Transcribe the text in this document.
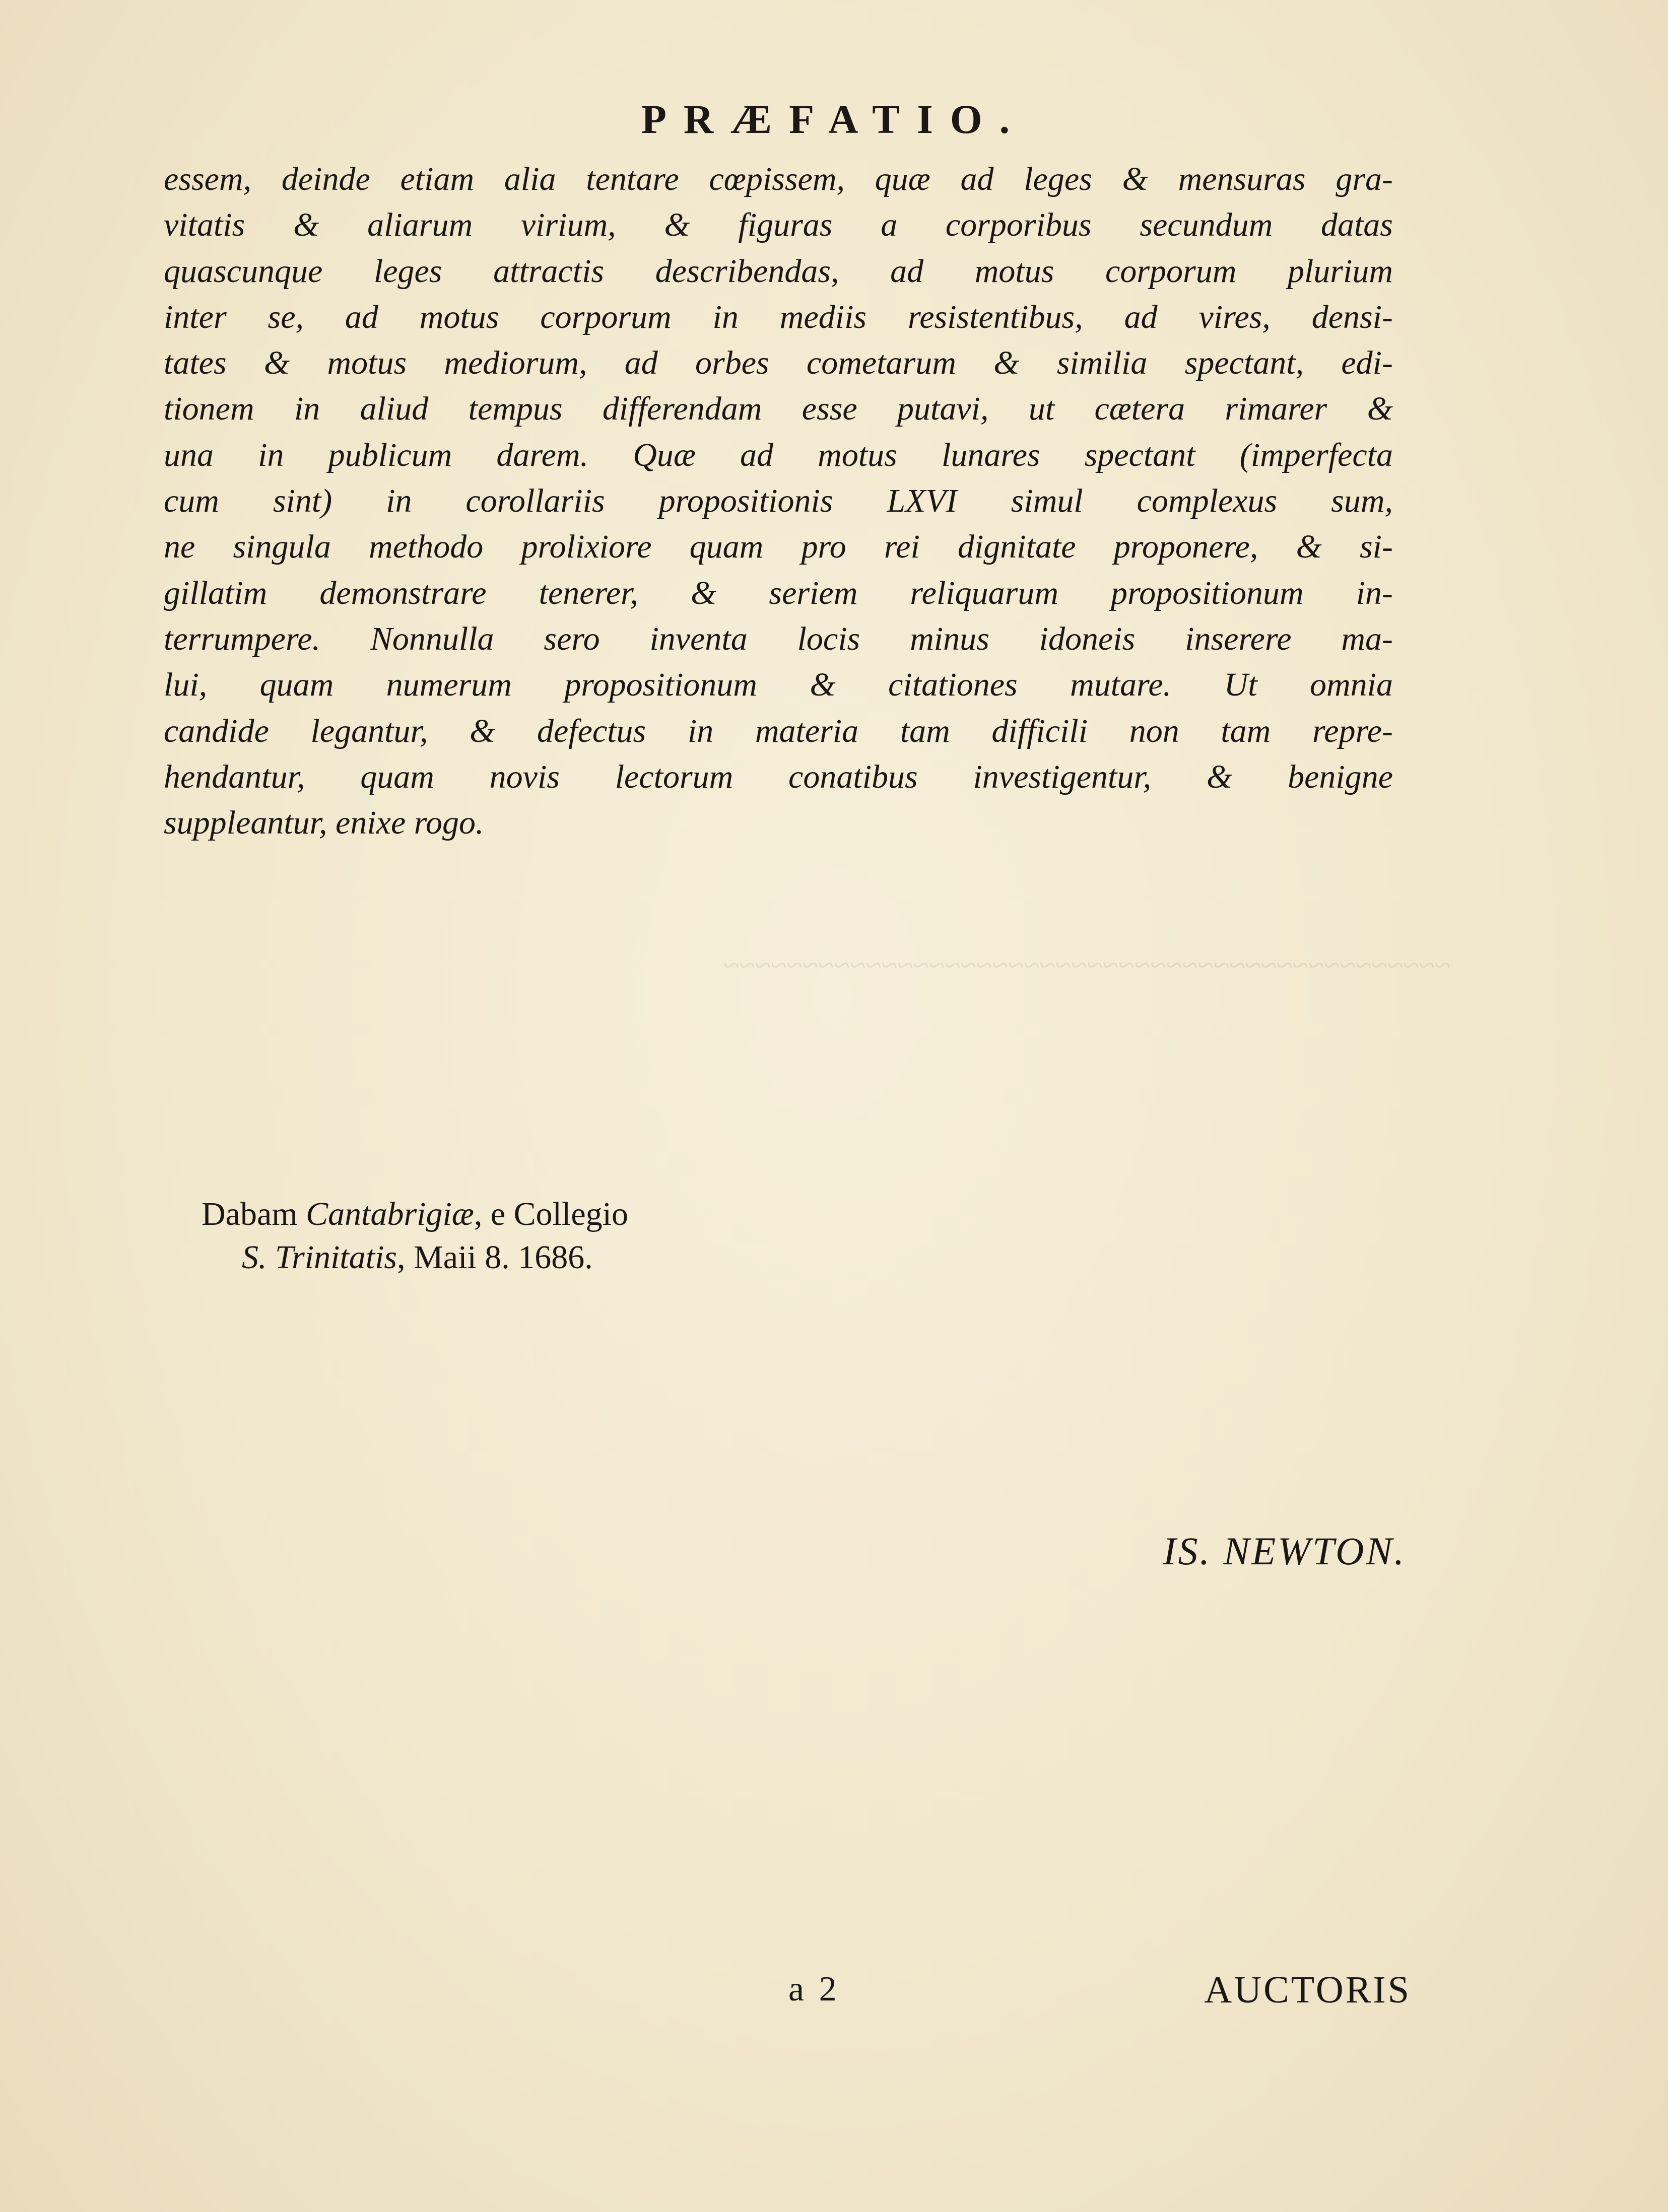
~~~~~~~~~~~~~~~~~~~~~~~~~~~~~~~~~~~~~~~~~~~~~~

PRÆFATIO.
essem, deinde etiam alia tentare cœpissem, quæ ad leges & mensuras gra-
vitatis & aliarum virium, & figuras a corporibus secundum datas
quascunque leges attractis describendas, ad motus corporum plurium
inter se, ad motus corporum in mediis resistentibus, ad vires, densi-
tates & motus mediorum, ad orbes cometarum & similia spectant, edi-
tionem in aliud tempus differendam esse putavi, ut cætera rimarer &
una in publicum darem. Quæ ad motus lunares spectant (imperfecta
cum sint) in corollariis propositionis LXVI simul complexus sum,
ne singula methodo prolixiore quam pro rei dignitate proponere, & si-
gillatim demonstrare tenerer, & seriem reliquarum propositionum in-
terrumpere. Nonnulla sero inventa locis minus idoneis inserere ma-
lui, quam numerum propositionum & citationes mutare. Ut omnia
candide legantur, & defectus in materia tam difficili non tam repre-
hendantur, quam novis lectorum conatibus investigentur, & benigne
suppleantur, enixe rogo.
Dabam Cantabrigiæ, e Collegio
S. Trinitatis, Maii 8. 1686.
IS. NEWTON.
a 2	AUCTORIS
